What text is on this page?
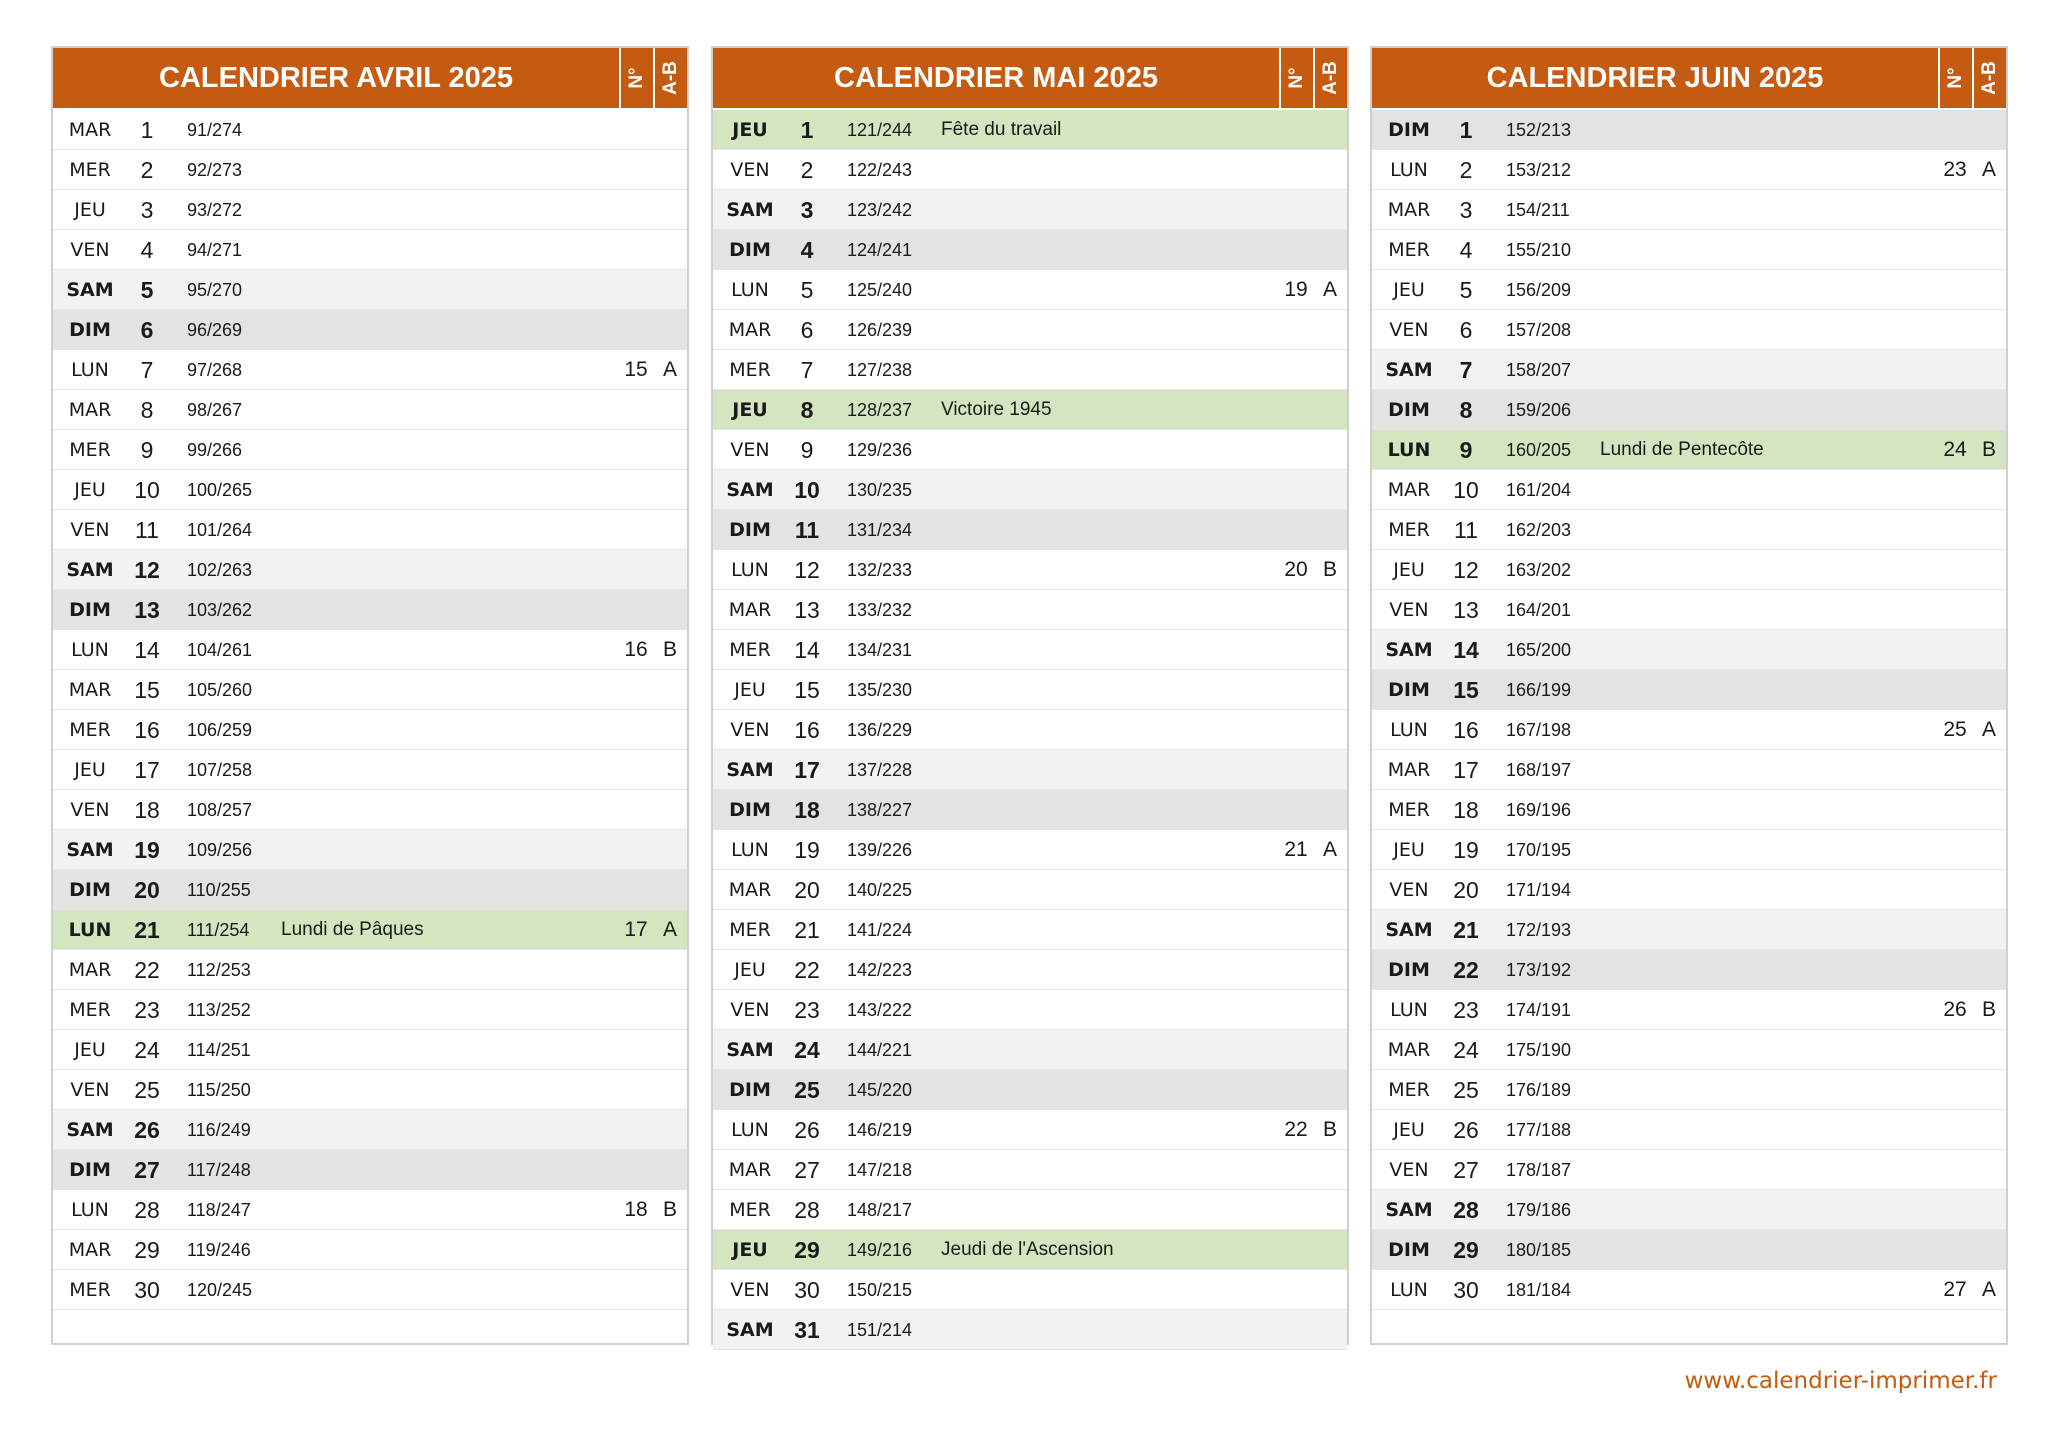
CALENDRIER AVRIL 2025	N° A-B
MAR	1	91/274
MER	2	92/273
JEU	3	93/272
VEN	4	94/271
SAM	5	95/270
DIM	6	96/269
LUN	7	97/268	15 A
MAR	8	98/267
MER	9	99/266
JEU	10	100/265
VEN	11	101/264
SAM 12	102/263
DIM	13	103/262
LUN	14	104/261	16 B
MAR 15	105/260
MER	16	106/259
JEU	17	107/258
VEN	18	108/257
SAM 19	109/256
DIM	20	110/255
LUN 21	111/254 Lundi de Pâques	17 A
MAR 22	112/253
MER	23	113/252
JEU	24	114/251
VEN	25	115/250
SAM 26	116/249
DIM	27	117/248
LUN	28	118/247	18 B
MAR 29	119/246
MER	30	120/245
CALENDRIER MAI 2025	N° A-B
JEU	1	121/244 Fête du travail
VEN	2	122/243
SAM	3	123/242
DIM	4	124/241
LUN	5	125/240	19 A
MAR	6	126/239
MER	7	127/238
JEU	8	128/237 Victoire 1945
VEN	9	129/236
SAM 10	130/235
DIM	11	131/234
LUN	12	132/233	20 B
MAR 13	133/232
MER	14	134/231
JEU	15	135/230
VEN	16	136/229
SAM 17	137/228
DIM	18	138/227
LUN	19	139/226	21 A
MAR 20	140/225
MER	21	141/224
JEU	22	142/223
VEN	23	143/222
SAM 24	144/221
DIM	25	145/220
LUN	26	146/219	22 B
MAR 27	147/218
MER	28	148/217
JEU	29	149/216 Jeudi de l'Ascension
VEN	30	150/215
SAM 31	151/214
CALENDRIER JUIN 2025	N° A-B
DIM	1	152/213
LUN	2	153/212	23 A
MAR	3	154/211
MER	4	155/210
JEU	5	156/209
VEN	6	157/208
SAM	7	158/207
DIM	8	159/206
LUN	9	160/205 Lundi de Pentecôte	24 B
MAR 10	161/204
MER	11	162/203
JEU	12	163/202
VEN	13	164/201
SAM 14	165/200
DIM	15	166/199
LUN	16	167/198	25 A
MAR 17	168/197
MER	18	169/196
JEU	19	170/195
VEN	20	171/194
SAM 21	172/193
DIM	22	173/192
LUN	23	174/191	26 B
MAR 24	175/190
MER	25	176/189
JEU	26	177/188
VEN	27	178/187
SAM 28	179/186
DIM	29	180/185
LUN	30	181/184	27 A
www.calendrier-imprimer.fr
